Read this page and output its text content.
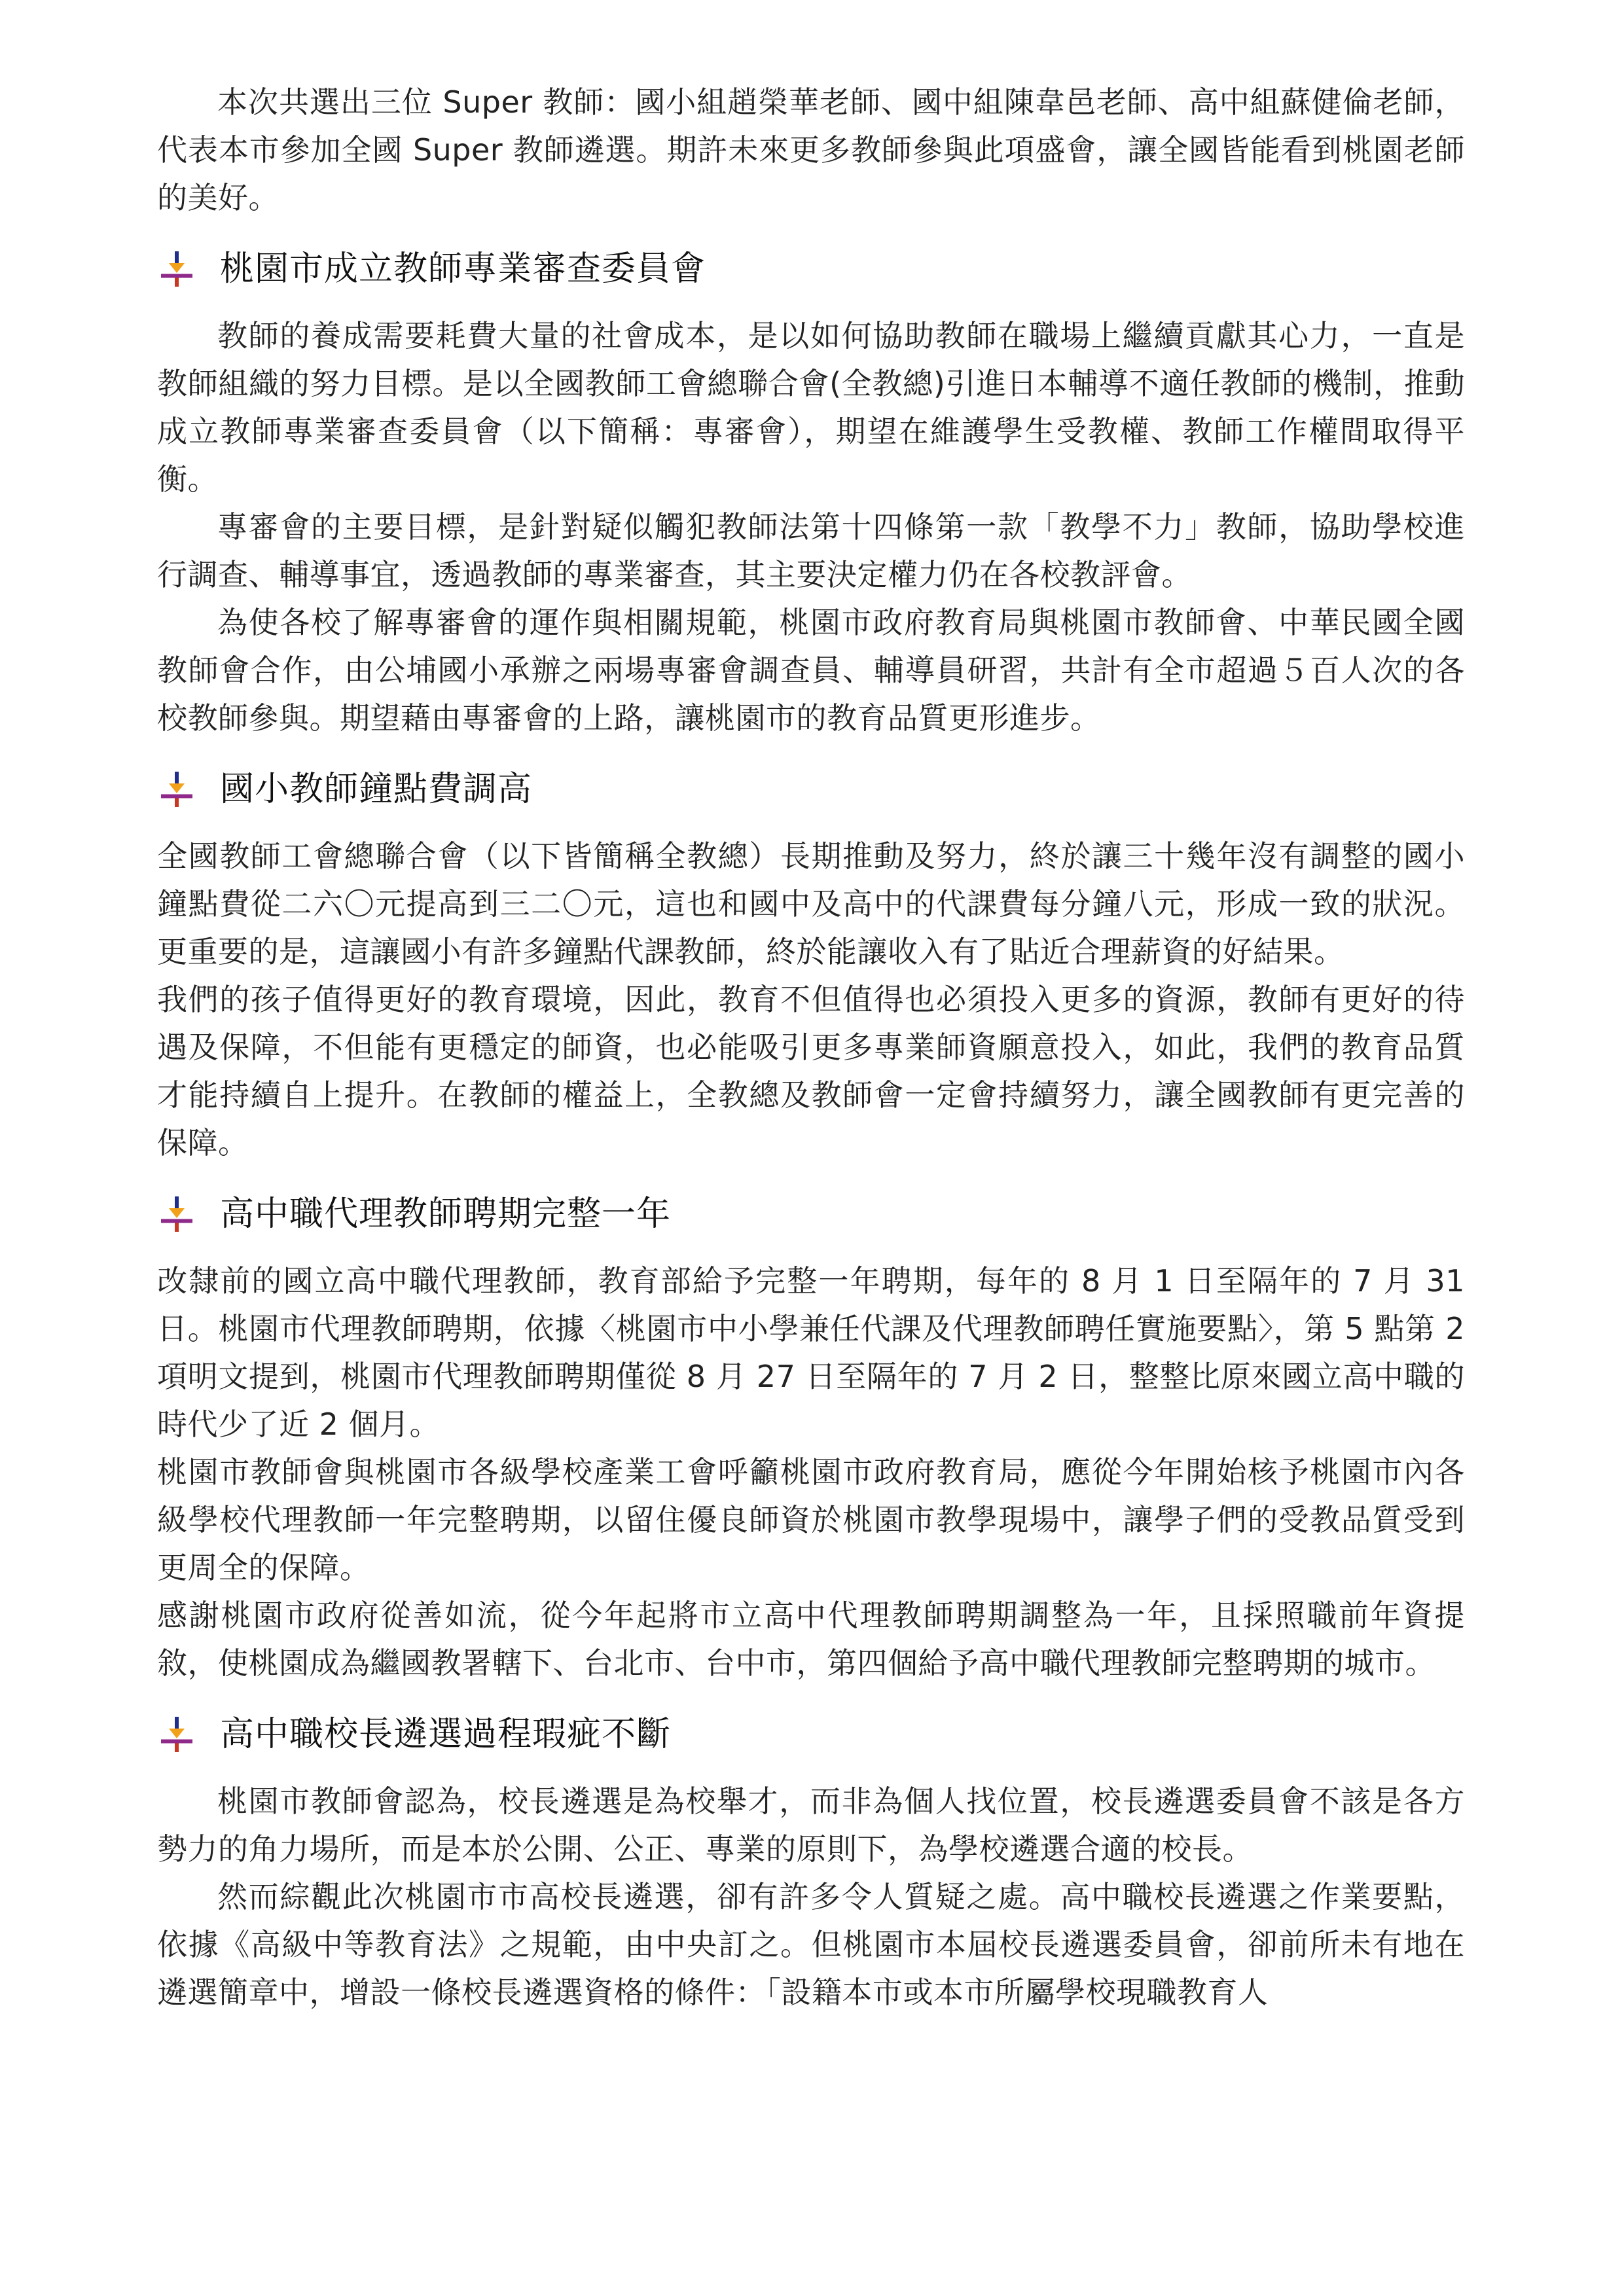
本次共選出三位 Super 教師：國小組趙榮華老師、國中組陳韋邑老師、高中組蘇健倫老師，代表本市參加全國 Super 教師遴選。期許未來更多教師參與此項盛會，讓全國皆能看到桃園老師的美好。

桃園市成立教師專業審查委員會

教師的養成需要耗費大量的社會成本，是以如何協助教師在職場上繼續貢獻其心力，一直是教師組織的努力目標。是以全國教師工會總聯合會(全教總)引進日本輔導不適任教師的機制，推動成立教師專業審查委員會（以下簡稱：專審會），期望在維護學生受教權、教師工作權間取得平衡。

專審會的主要目標，是針對疑似觸犯教師法第十四條第一款「教學不力」教師，協助學校進行調查、輔導事宜，透過教師的專業審查，其主要決定權力仍在各校教評會。

為使各校了解專審會的運作與相關規範，桃園市政府教育局與桃園市教師會、中華民國全國教師會合作，由公埔國小承辦之兩場專審會調查員、輔導員研習，共計有全市超過５百人次的各校教師參與。期望藉由專審會的上路，讓桃園市的教育品質更形進步。

國小教師鐘點費調高

全國教師工會總聯合會（以下皆簡稱全教總）長期推動及努力，終於讓三十幾年沒有調整的國小鐘點費從二六〇元提高到三二〇元，這也和國中及高中的代課費每分鐘八元，形成一致的狀況。更重要的是，這讓國小有許多鐘點代課教師，終於能讓收入有了貼近合理薪資的好結果。

我們的孩子值得更好的教育環境，因此，教育不但值得也必須投入更多的資源，教師有更好的待遇及保障，不但能有更穩定的師資，也必能吸引更多專業師資願意投入，如此，我們的教育品質才能持續自上提升。在教師的權益上，全教總及教師會一定會持續努力，讓全國教師有更完善的保障。

高中職代理教師聘期完整一年

改隸前的國立高中職代理教師，教育部給予完整一年聘期，每年的 8 月 1 日至隔年的 7 月 31 日。桃園市代理教師聘期，依據〈桃園市中小學兼任代課及代理教師聘任實施要點〉，第 5 點第 2 項明文提到，桃園市代理教師聘期僅從 8 月 27 日至隔年的 7 月 2 日，整整比原來國立高中職的時代少了近 2 個月。

桃園市教師會與桃園市各級學校產業工會呼籲桃園市政府教育局，應從今年開始核予桃園市內各級學校代理教師一年完整聘期，以留住優良師資於桃園市教學現場中，讓學子們的受教品質受到更周全的保障。

感謝桃園市政府從善如流，從今年起將市立高中代理教師聘期調整為一年，且採照職前年資提敘，使桃園成為繼國教署轄下、台北市、台中市，第四個給予高中職代理教師完整聘期的城市。

高中職校長遴選過程瑕疵不斷

桃園市教師會認為，校長遴選是為校舉才，而非為個人找位置，校長遴選委員會不該是各方勢力的角力場所，而是本於公開、公正、專業的原則下，為學校遴選合適的校長。

然而綜觀此次桃園市市高校長遴選，卻有許多令人質疑之處。高中職校長遴選之作業要點，依據《高級中等教育法》之規範，由中央訂之。但桃園市本屆校長遴選委員會，卻前所未有地在遴選簡章中，增設一條校長遴選資格的條件：「設籍本市或本市所屬學校現職教育人
